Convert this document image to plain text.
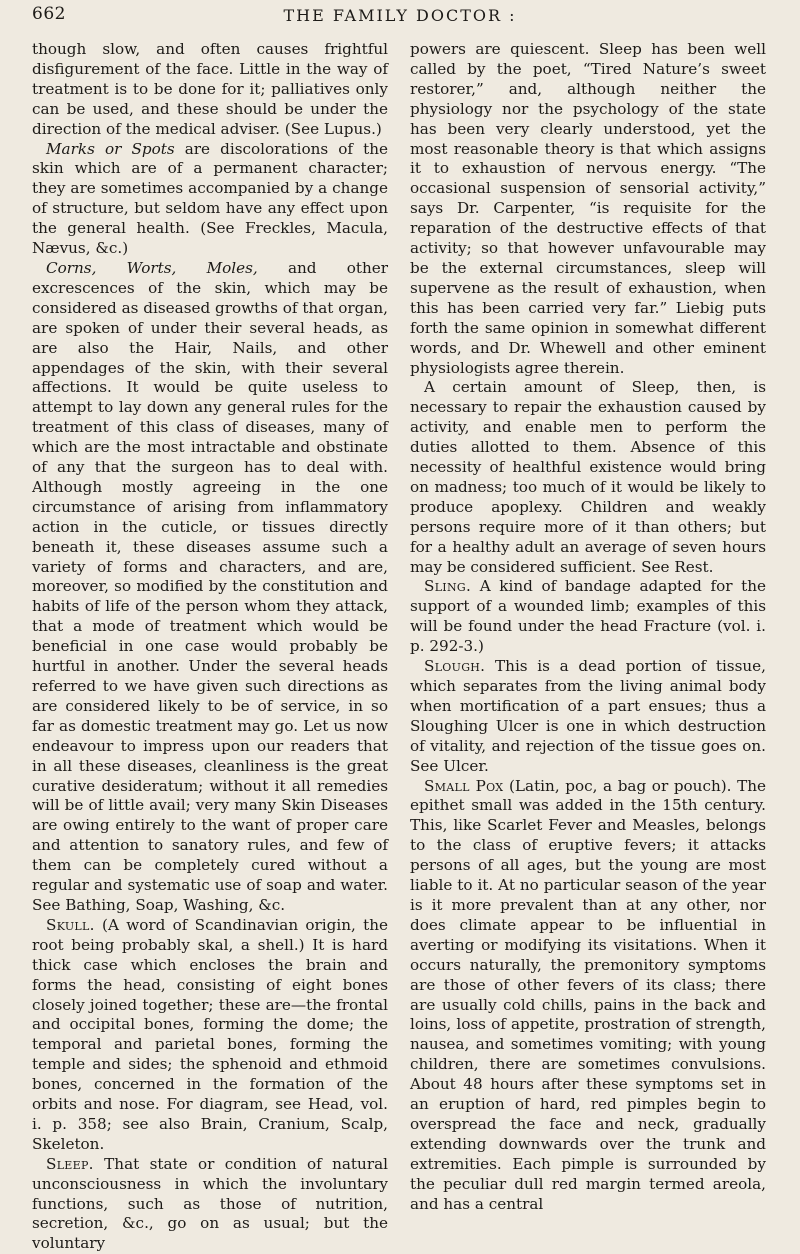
662	THE FAMILY DOCTOR :

though slow, and often causes frightful disfigurement of the face. Little in the way of treatment is to be done for it; palliatives only can be used, and these should be under the direction of the medical adviser. (See Lupus.)

Marks or Spots are discolorations of the skin which are of a permanent character; they are sometimes accompanied by a change of structure, but seldom have any effect upon the general health. (See Freckles, Macula, Nævus, &c.)

Corns, Worts, Moles, and other excrescences of the skin, which may be considered as diseased growths of that organ, are spoken of under their several heads, as are also the Hair, Nails, and other appendages of the skin, with their several affections. It would be quite useless to attempt to lay down any general rules for the treatment of this class of diseases, many of which are the most intractable and obstinate of any that the surgeon has to deal with. Although mostly agreeing in the one circumstance of arising from inflammatory action in the cuticle, or tissues directly beneath it, these diseases assume such a variety of forms and characters, and are, moreover, so modified by the constitution and habits of life of the person whom they attack, that a mode of treatment which would be beneficial in one case would probably be hurtful in another. Under the several heads referred to we have given such directions as are considered likely to be of service, in so far as domestic treatment may go. Let us now endeavour to impress upon our readers that in all these diseases, cleanliness is the great curative desideratum; without it all remedies will be of little avail; very many Skin Diseases are owing entirely to the want of proper care and attention to sanatory rules, and few of them can be completely cured without a regular and systematic use of soap and water. See Bathing, Soap, Washing, &c.

Skull. (A word of Scandinavian origin, the root being probably skal, a shell.) It is hard thick case which encloses the brain and forms the head, consisting of eight bones closely joined together; these are—the frontal and occipital bones, forming the dome; the temporal and parietal bones, forming the temple and sides; the sphenoid and ethmoid bones, concerned in the formation of the orbits and nose. For diagram, see Head, vol. i. p. 358; see also Brain, Cranium, Scalp, Skeleton.

Sleep. That state or condition of natural unconsciousness in which the involuntary functions, such as those of nutrition, secretion, &c., go on as usual; but the voluntary

powers are quiescent. Sleep has been well called by the poet, “Tired Nature’s sweet restorer,” and, although neither the physiology nor the psychology of the state has been very clearly understood, yet the most reasonable theory is that which assigns it to exhaustion of nervous energy. “The occasional suspension of sensorial activity,” says Dr. Carpenter, “is requisite for the reparation of the destructive effects of that activity; so that however unfavourable may be the external circumstances, sleep will supervene as the result of exhaustion, when this has been carried very far.” Liebig puts forth the same opinion in somewhat different words, and Dr. Whewell and other eminent physiologists agree therein.

A certain amount of Sleep, then, is necessary to repair the exhaustion caused by activity, and enable men to perform the duties allotted to them. Absence of this necessity of healthful existence would bring on madness; too much of it would be likely to produce apoplexy. Children and weakly persons require more of it than others; but for a healthy adult an average of seven hours may be considered sufficient. See Rest.

Sling. A kind of bandage adapted for the support of a wounded limb; examples of this will be found under the head Fracture (vol. i. p. 292-3.)

Slough. This is a dead portion of tissue, which separates from the living animal body when mortification of a part ensues; thus a Sloughing Ulcer is one in which destruction of vitality, and rejection of the tissue goes on. See Ulcer.

Small Pox (Latin, poc, a bag or pouch). The epithet small was added in the 15th century. This, like Scarlet Fever and Measles, belongs to the class of eruptive fevers; it attacks persons of all ages, but the young are most liable to it. At no particular season of the year is it more prevalent than at any other, nor does climate appear to be influential in averting or modifying its visitations. When it occurs naturally, the premonitory symptoms are those of other fevers of its class; there are usually cold chills, pains in the back and loins, loss of appetite, prostration of strength, nausea, and sometimes vomiting; with young children, there are sometimes convulsions. About 48 hours after these symptoms set in an eruption of hard, red pimples begin to overspread the face and neck, gradually extending downwards over the trunk and extremities. Each pimple is surrounded by the peculiar dull red margin termed areola, and has a central
